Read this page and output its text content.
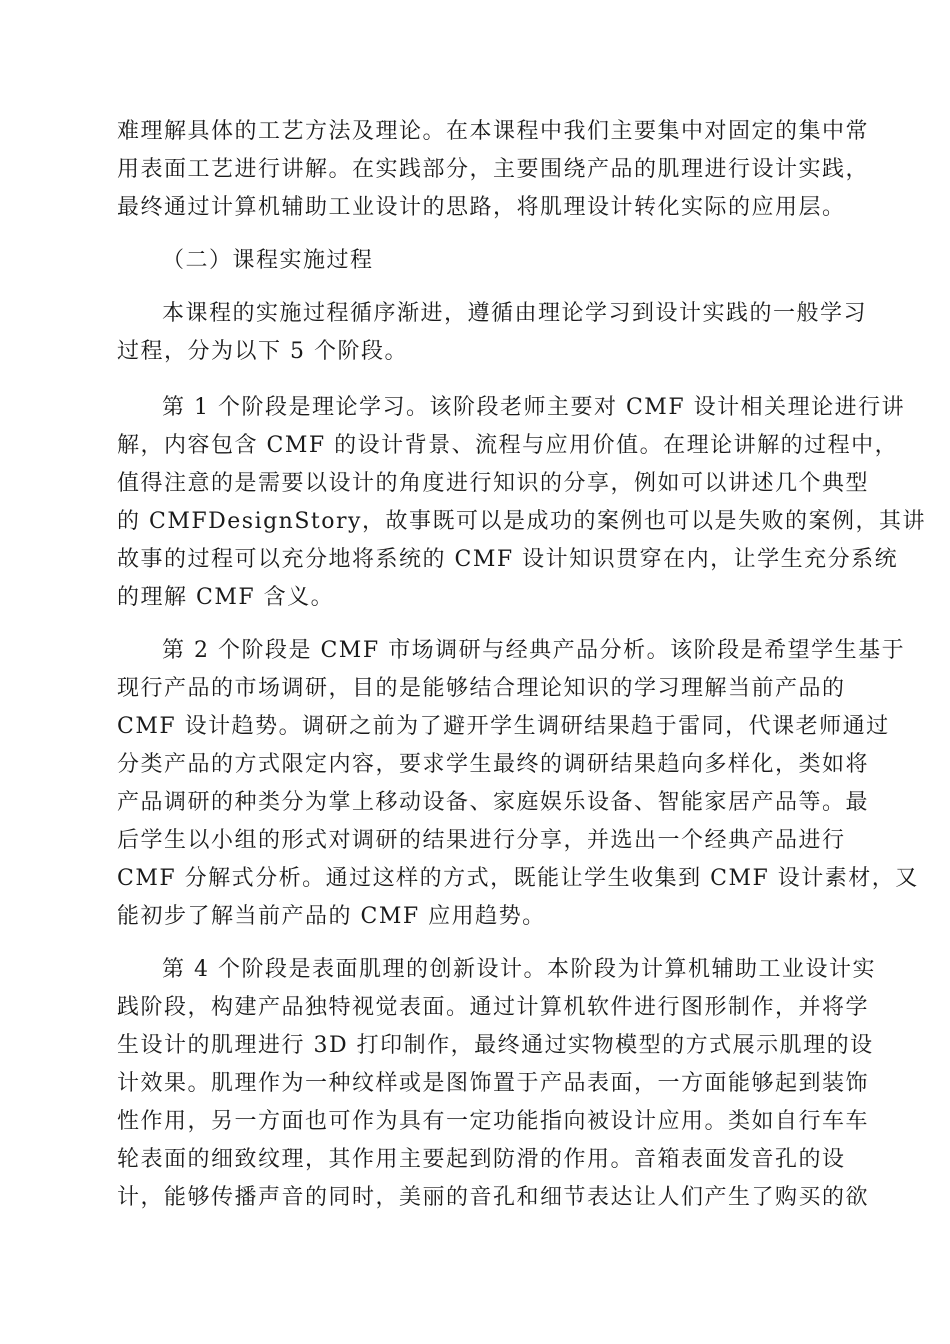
难理解具体的工艺方法及理论。在本课程中我们主要集中对固定的集中常
用表面工艺进行讲解。在实践部分，主要围绕产品的肌理进行设计实践，
最终通过计算机辅助工业设计的思路，将肌理设计转化实际的应用层。
（二）课程实施过程
本课程的实施过程循序渐进，遵循由理论学习到设计实践的一般学习
过程，分为以下 5 个阶段。
第 1 个阶段是理论学习。该阶段老师主要对 CMF 设计相关理论进行讲
解，内容包含 CMF 的设计背景、流程与应用价值。在理论讲解的过程中，
值得注意的是需要以设计的角度进行知识的分享，例如可以讲述几个典型
的 CMFDesignStory，故事既可以是成功的案例也可以是失败的案例，其讲
故事的过程可以充分地将系统的 CMF 设计知识贯穿在内，让学生充分系统
的理解 CMF 含义。
第 2 个阶段是 CMF 市场调研与经典产品分析。该阶段是希望学生基于
现行产品的市场调研，目的是能够结合理论知识的学习理解当前产品的
CMF 设计趋势。调研之前为了避开学生调研结果趋于雷同，代课老师通过
分类产品的方式限定内容，要求学生最终的调研结果趋向多样化，类如将
产品调研的种类分为掌上移动设备、家庭娱乐设备、智能家居产品等。最
后学生以小组的形式对调研的结果进行分享，并选出一个经典产品进行
CMF 分解式分析。通过这样的方式，既能让学生收集到 CMF 设计素材，又
能初步了解当前产品的 CMF 应用趋势。
第 4 个阶段是表面肌理的创新设计。本阶段为计算机辅助工业设计实
践阶段，构建产品独特视觉表面。通过计算机软件进行图形制作，并将学
生设计的肌理进行 3D 打印制作，最终通过实物模型的方式展示肌理的设
计效果。肌理作为一种纹样或是图饰置于产品表面，一方面能够起到装饰
性作用，另一方面也可作为具有一定功能指向被设计应用。类如自行车车
轮表面的细致纹理，其作用主要起到防滑的作用。音箱表面发音孔的设
计，能够传播声音的同时，美丽的音孔和细节表达让人们产生了购买的欲
